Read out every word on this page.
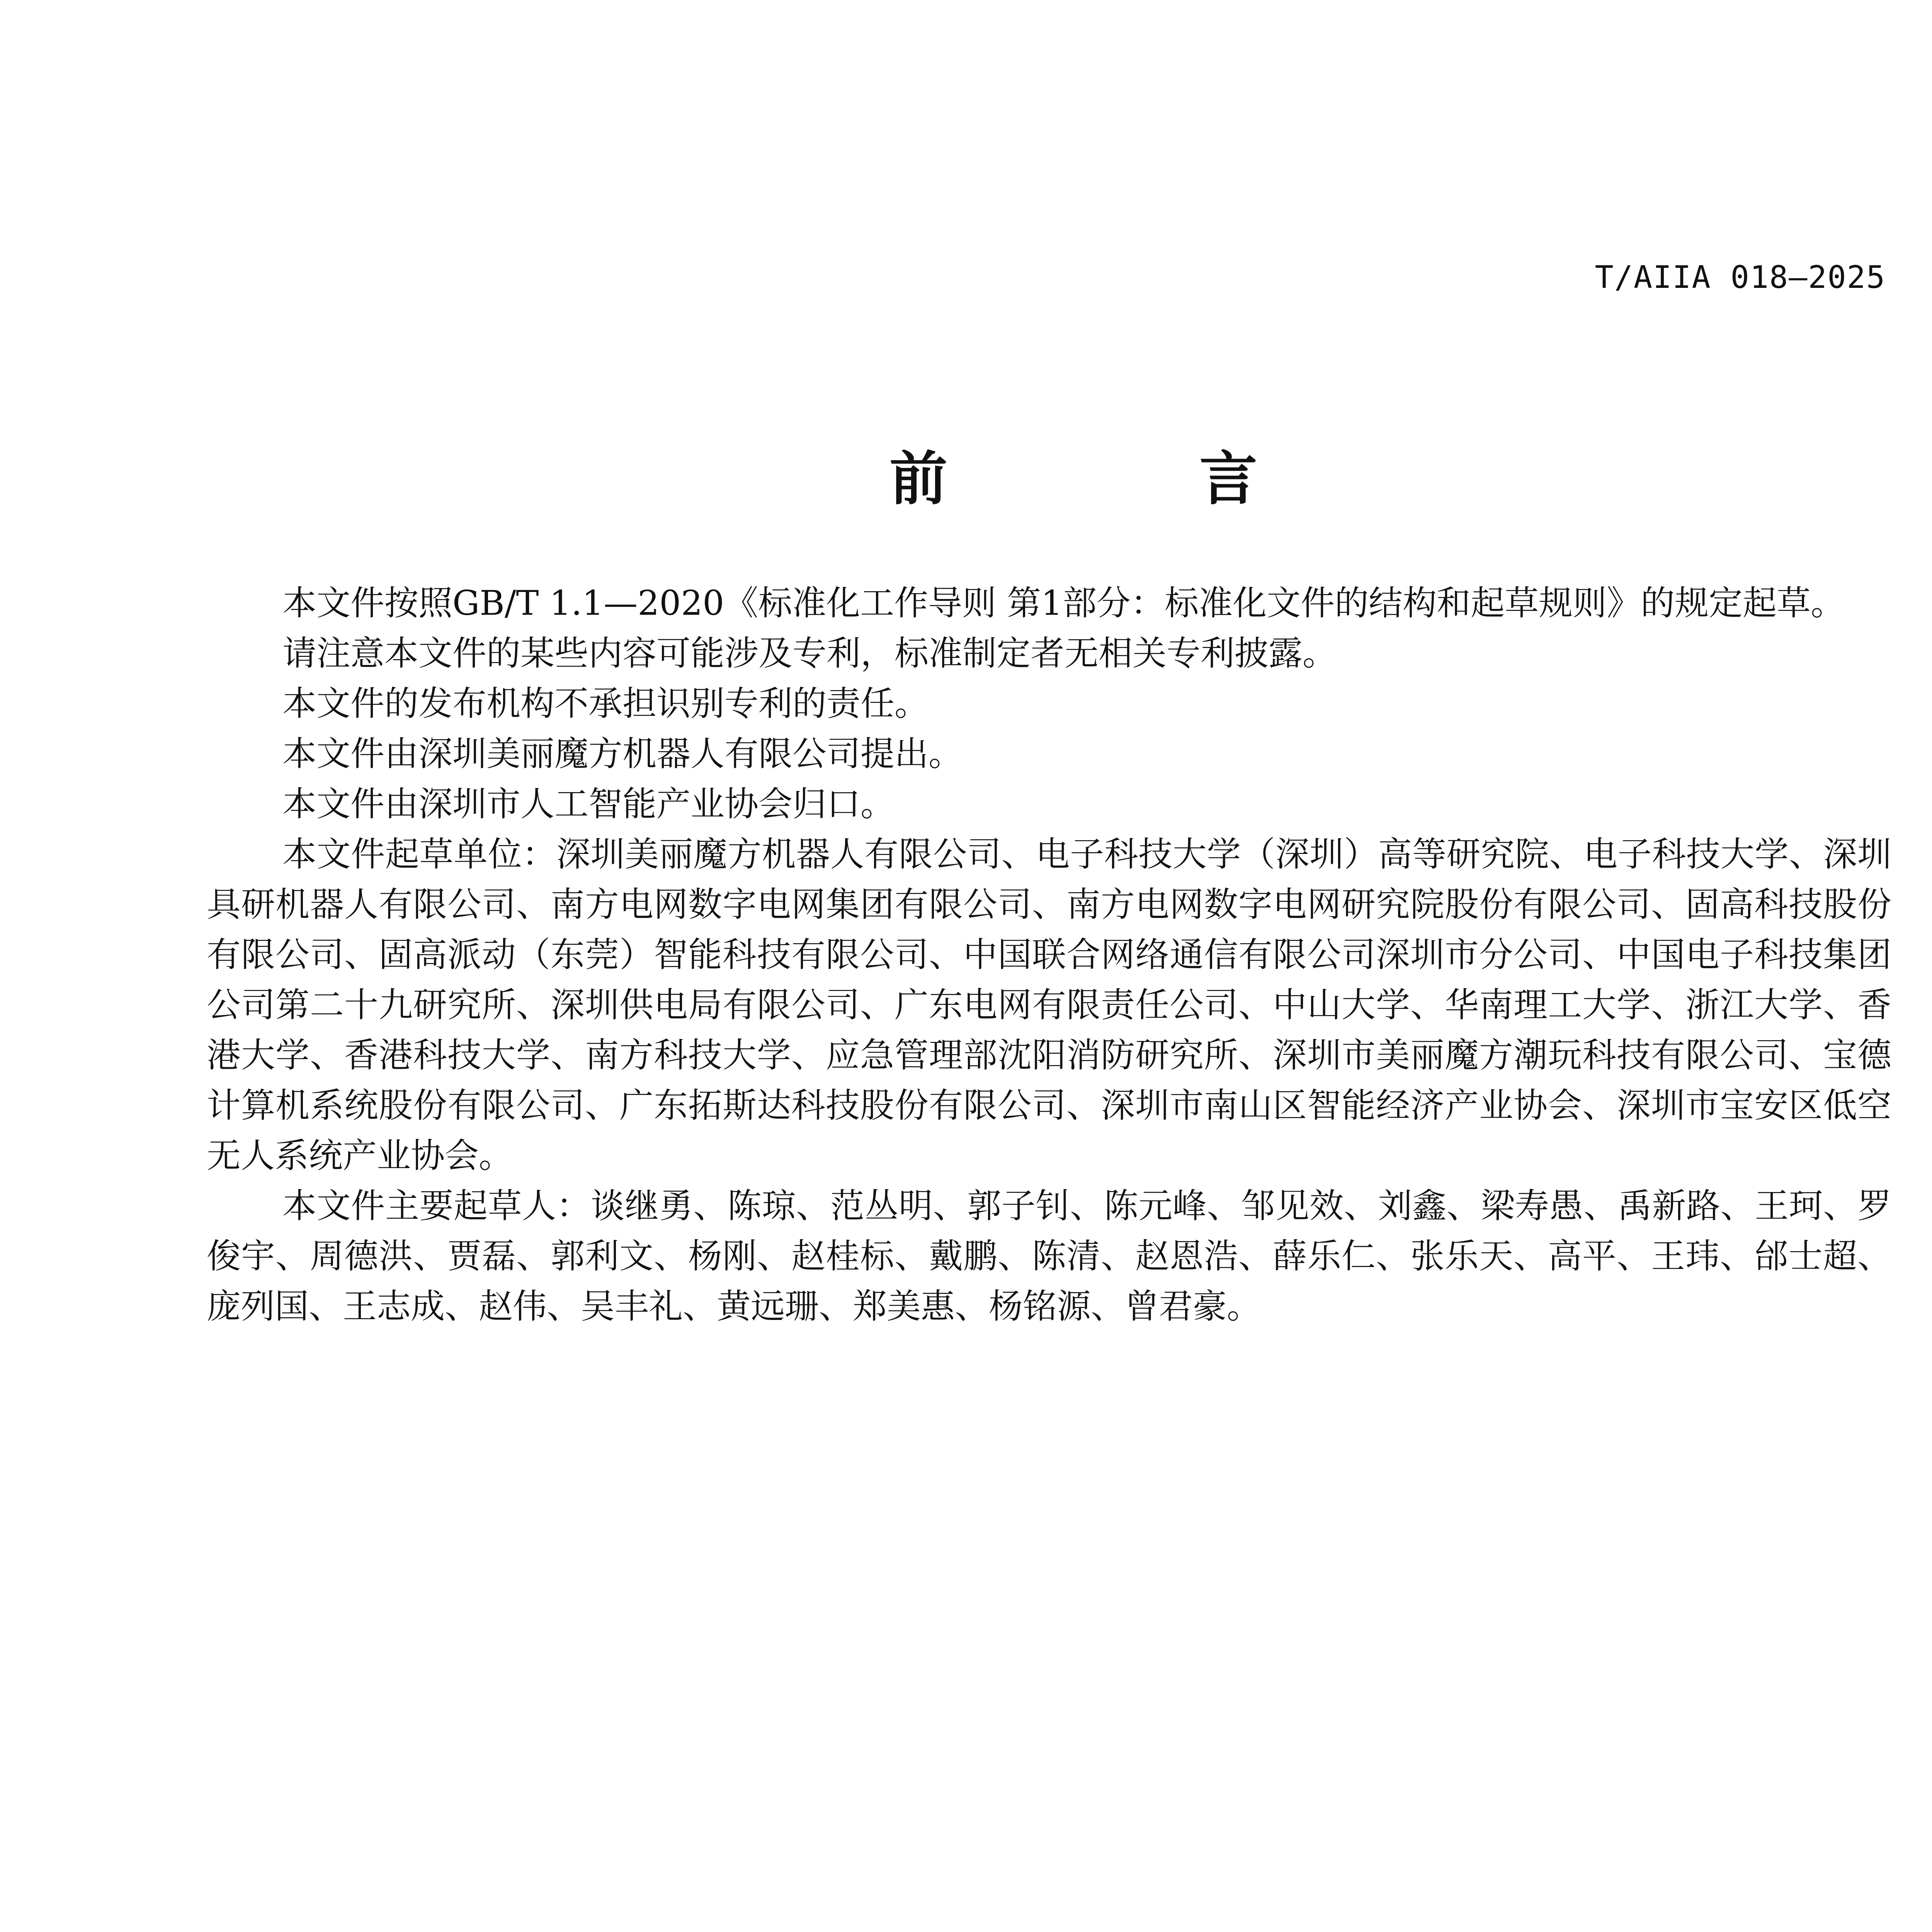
T/AIIA 018—2025
前 言

本文件按照GB/T 1.1—2020《标准化工作导则 第1部分：标准化文件的结构和起草规则》的规定起草。

请注意本文件的某些内容可能涉及专利，标准制定者无相关专利披露。

本文件的发布机构不承担识别专利的责任。

本文件由深圳美丽魔方机器人有限公司提出。

本文件由深圳市人工智能产业协会归口。

本文件起草单位：深圳美丽魔方机器人有限公司、电子科技大学（深圳）高等研究院、电子科技大学、深圳具研机器人有限公司、南方电网数字电网集团有限公司、南方电网数字电网研究院股份有限公司、固高科技股份有限公司、固高派动（东莞）智能科技有限公司、中国联合网络通信有限公司深圳市分公司、中国电子科技集团公司第二十九研究所、深圳供电局有限公司、广东电网有限责任公司、中山大学、华南理工大学、浙江大学、香港大学、香港科技大学、南方科技大学、应急管理部沈阳消防研究所、深圳市美丽魔方潮玩科技有限公司、宝德计算机系统股份有限公司、广东拓斯达科技股份有限公司、深圳市南山区智能经济产业协会、深圳市宝安区低空无人系统产业协会。

本文件主要起草人：谈继勇、陈琼、范丛明、郭子钊、陈元峰、邹见效、刘鑫、梁寿愚、禹新路、王珂、罗俊宇、周德洪、贾磊、郭利文、杨刚、赵桂标、戴鹏、陈清、赵恩浩、薛乐仁、张乐天、高平、王玮、邰士超、庞列国、王志成、赵伟、吴丰礼、黄远珊、郑美惠、杨铭源、曾君豪。
